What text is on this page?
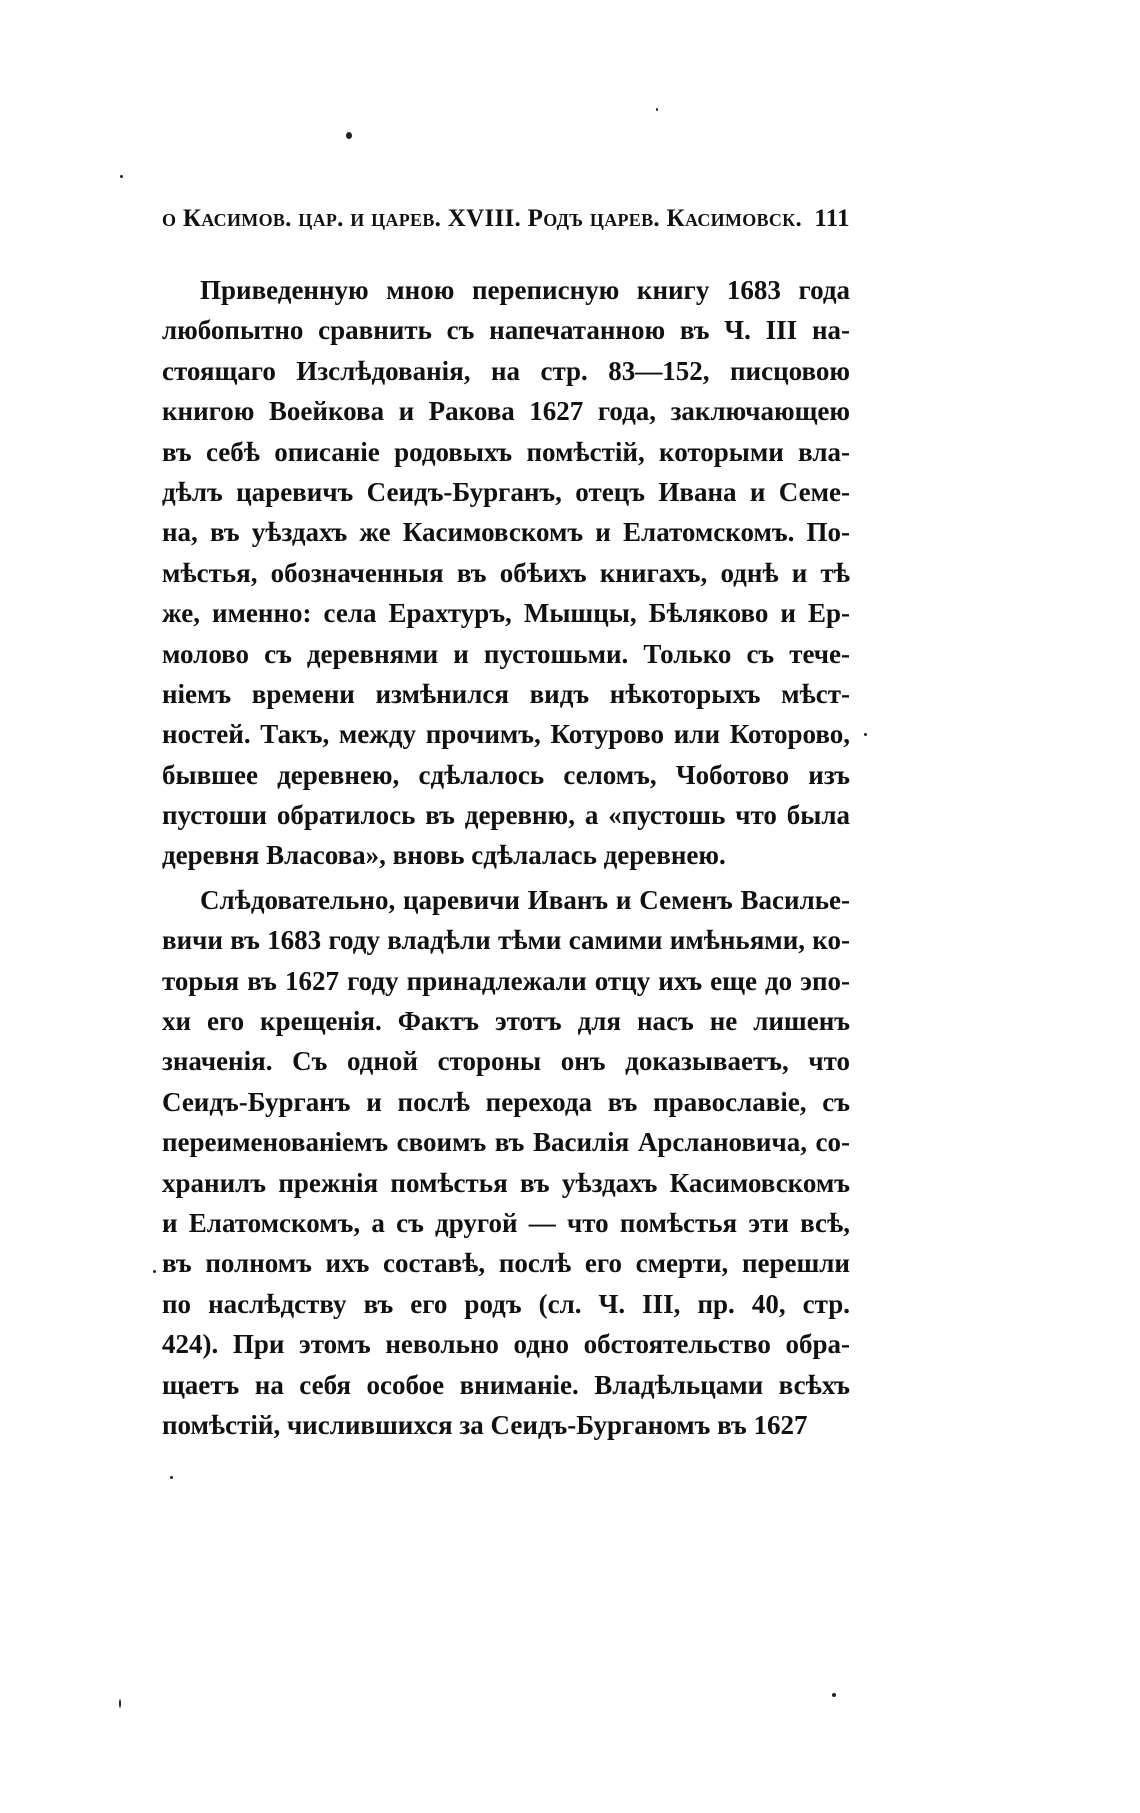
о Касимов. цар. и царев. XVIII. Родъ царев. Касимовск. 111

Приведенную мною переписную книгу 1683 года
любопытно сравнить съ напечатанною въ Ч. III на-
стоящаго Изслѣдованія, на стр. 83—152, писцовою
книгою Воейкова и Ракова 1627 года, заключающею
въ себѣ описаніе родовыхъ помѣстій, которыми вла-
дѣлъ царевичъ Сеидъ-Бурганъ, отецъ Ивана и Семе-
на, въ уѣздахъ же Касимовскомъ и Елатомскомъ. По-
мѣстья, обозначенныя въ обѣихъ книгахъ, однѣ и тѣ
же, именно: села Ерахтуръ, Мышцы, Бѣляково и Ер-
молово съ деревнями и пустошьми. Только съ тече-
ніемъ времени измѣнился видъ нѣкоторыхъ мѣст-
ностей. Такъ, между прочимъ, Котурово или Которово,
бывшее деревнею, сдѣлалось селомъ, Чоботово изъ
пустоши обратилось въ деревню, а «пустошь что была
деревня Власова», вновь сдѣлалась деревнею.

Слѣдовательно, царевичи Иванъ и Семенъ Василье-
вичи въ 1683 году владѣли тѣми самими имѣньями, ко-
торыя въ 1627 году принадлежали отцу ихъ еще до эпо-
хи его крещенія. Фактъ этотъ для насъ не лишенъ
значенія. Съ одной стороны онъ доказываетъ, что
Сеидъ-Бурганъ и послѣ перехода въ православіе, съ
переименованіемъ своимъ въ Василія Арслановича, со-
хранилъ прежнія помѣстья въ уѣздахъ Касимовскомъ
и Елатомскомъ, а съ другой — что помѣстья эти всѣ,
въ полномъ ихъ составѣ, послѣ его смерти, перешли
по наслѣдству въ его родъ (сл. Ч. III, пр. 40, стр.
424). При этомъ невольно одно обстоятельство обра-
щаетъ на себя особое вниманіе. Владѣльцами всѣхъ
помѣстій, числившихся за Сеидъ-Бурганомъ въ 1627
